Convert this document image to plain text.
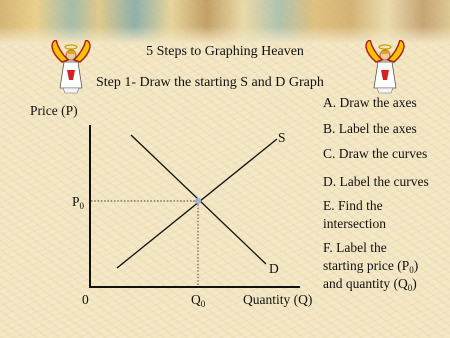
5 Steps to Graphing Heaven
Step 1- Draw the starting S and D Graph
Price (P)
Quantity (Q)
0
S
D
$P_0$
$Q_0$
A. Draw the axes
B. Label the axes
C. Draw the curves
D. Label the curves
E. Find the
intersection
F. Label the
starting price $(P_0)$
and quantity $(Q_0)$
